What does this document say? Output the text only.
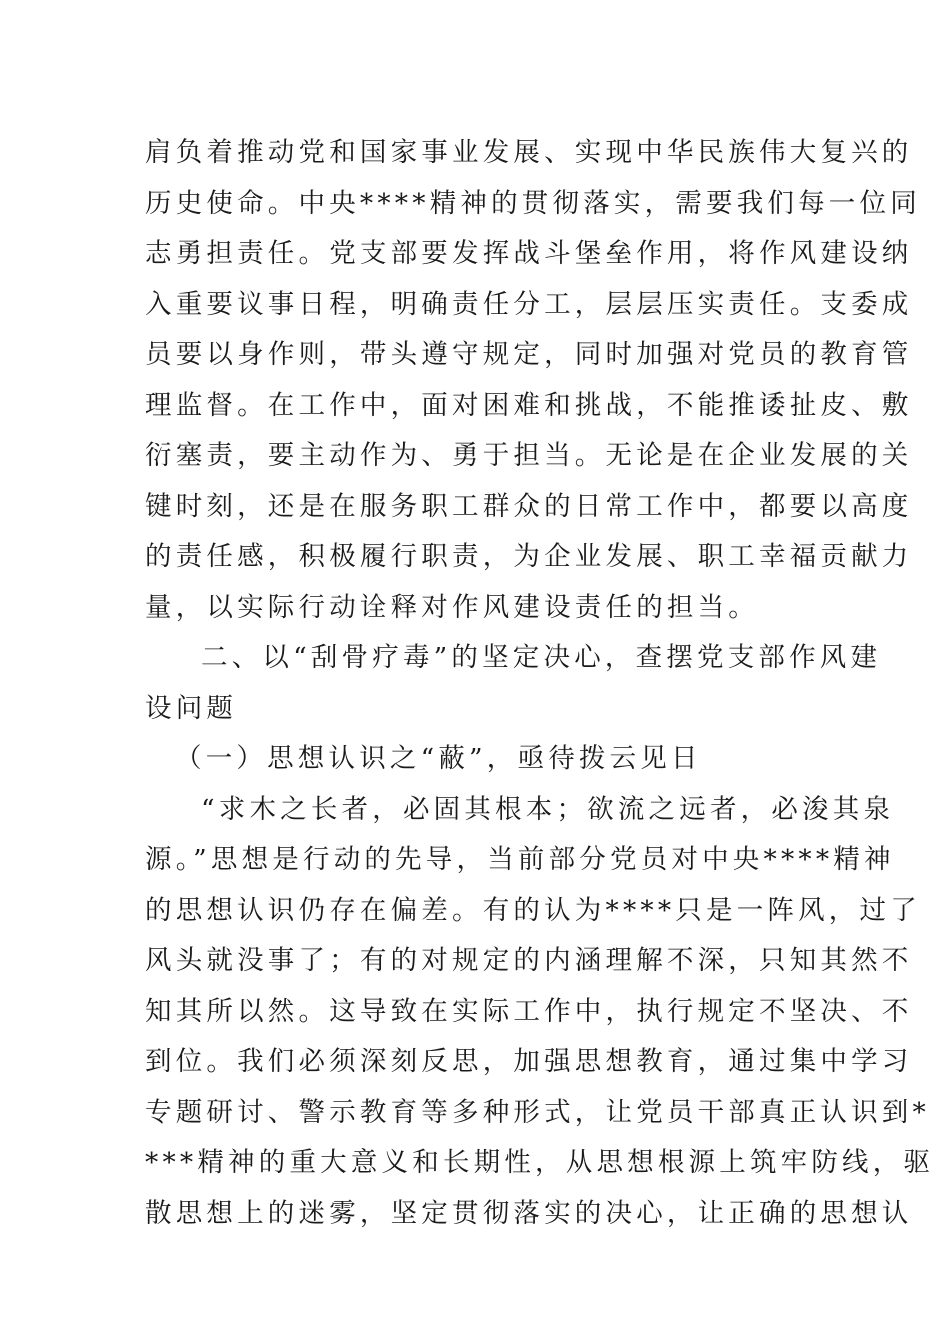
肩负着推动党和国家事业发展、实现中华民族伟大复兴的
历史使命。中央****精神的贯彻落实，需要我们每一位同
志勇担责任。党支部要发挥战斗堡垒作用，将作风建设纳
入重要议事日程，明确责任分工，层层压实责任。支委成
员要以身作则，带头遵守规定，同时加强对党员的教育管
理监督。在工作中，面对困难和挑战，不能推诿扯皮、敷
衍塞责，要主动作为、勇于担当。无论是在企业发展的关
键时刻，还是在服务职工群众的日常工作中，都要以高度
的责任感，积极履行职责，为企业发展、职工幸福贡献力
量，以实际行动诠释对作风建设责任的担当。
二、以“刮骨疗毒”的坚定决心，查摆党支部作风建
设问题
（一）思想认识之“蔽”，亟待拨云见日
“求木之长者，必固其根本；欲流之远者，必浚其泉
源。”思想是行动的先导，当前部分党员对中央****精神
的思想认识仍存在偏差。有的认为****只是一阵风，过了
风头就没事了；有的对规定的内涵理解不深，只知其然不
知其所以然。这导致在实际工作中，执行规定不坚决、不
到位。我们必须深刻反思，加强思想教育，通过集中学习
专题研讨、警示教育等多种形式，让党员干部真正认识到*
***精神的重大意义和长期性，从思想根源上筑牢防线，驱
散思想上的迷雾，坚定贯彻落实的决心，让正确的思想认
